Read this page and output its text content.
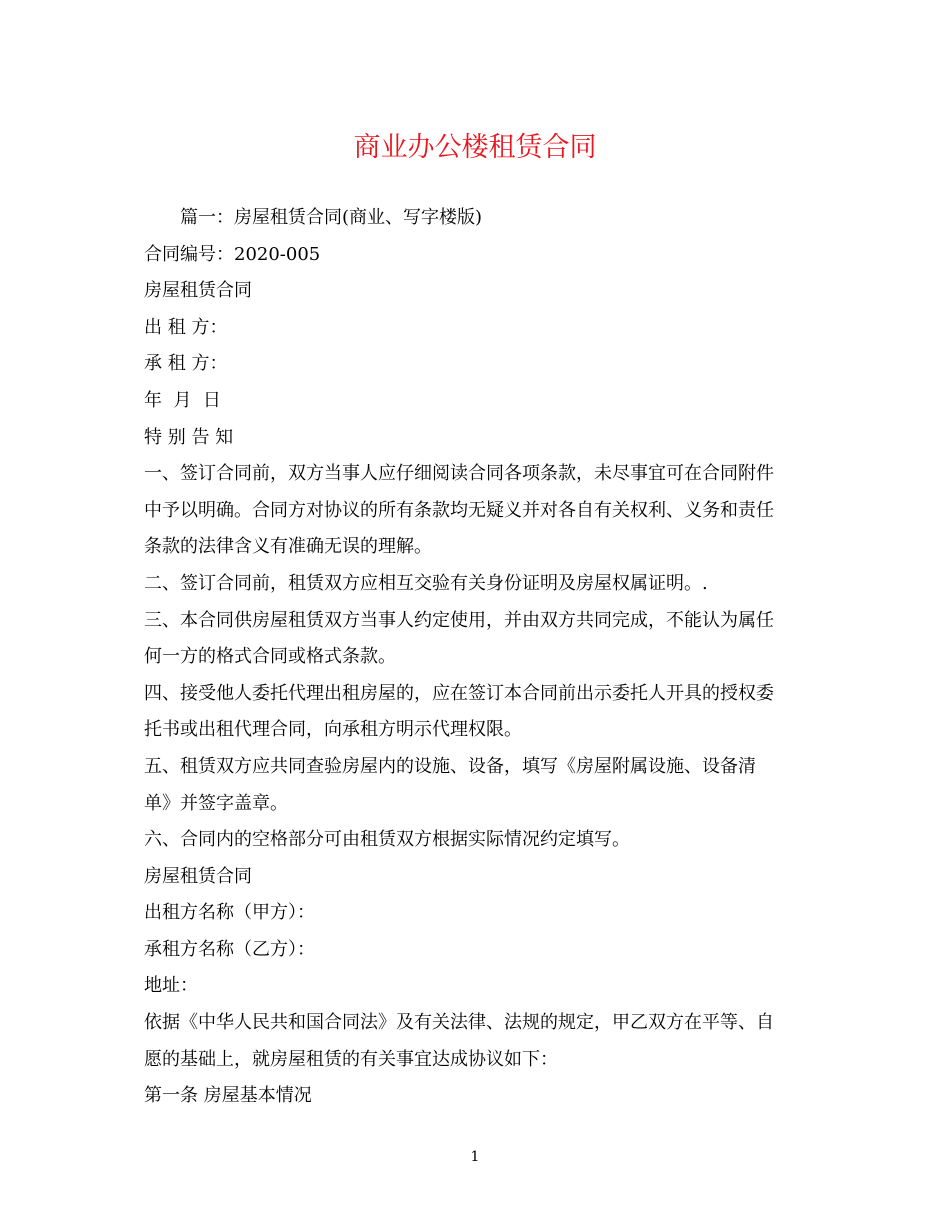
商业办公楼租赁合同

篇一：房屋租赁合同(商业、写字楼版)

合同编号：2020-005

房屋租赁合同

出 租 方：

承 租 方：

年  月  日

特 别 告 知

一、签订合同前，双方当事人应仔细阅读合同各项条款，未尽事宜可在合同附件

中予以明确。合同方对协议的所有条款均无疑义并对各自有关权利、义务和责任

条款的法律含义有准确无误的理解。

二、签订合同前，租赁双方应相互交验有关身份证明及房屋权属证明。.

三、本合同供房屋租赁双方当事人约定使用，并由双方共同完成，不能认为属任

何一方的格式合同或格式条款。

四、接受他人委托代理出租房屋的，应在签订本合同前出示委托人开具的授权委

托书或出租代理合同，向承租方明示代理权限。

五、租赁双方应共同查验房屋内的设施、设备，填写《房屋附属设施、设备清

单》并签字盖章。

六、合同内的空格部分可由租赁双方根据实际情况约定填写。

房屋租赁合同

出租方名称（甲方）：

承租方名称（乙方）：

地址：

依据《中华人民共和国合同法》及有关法律、法规的规定，甲乙双方在平等、自

愿的基础上，就房屋租赁的有关事宜达成协议如下：

第一条 房屋基本情况

1
